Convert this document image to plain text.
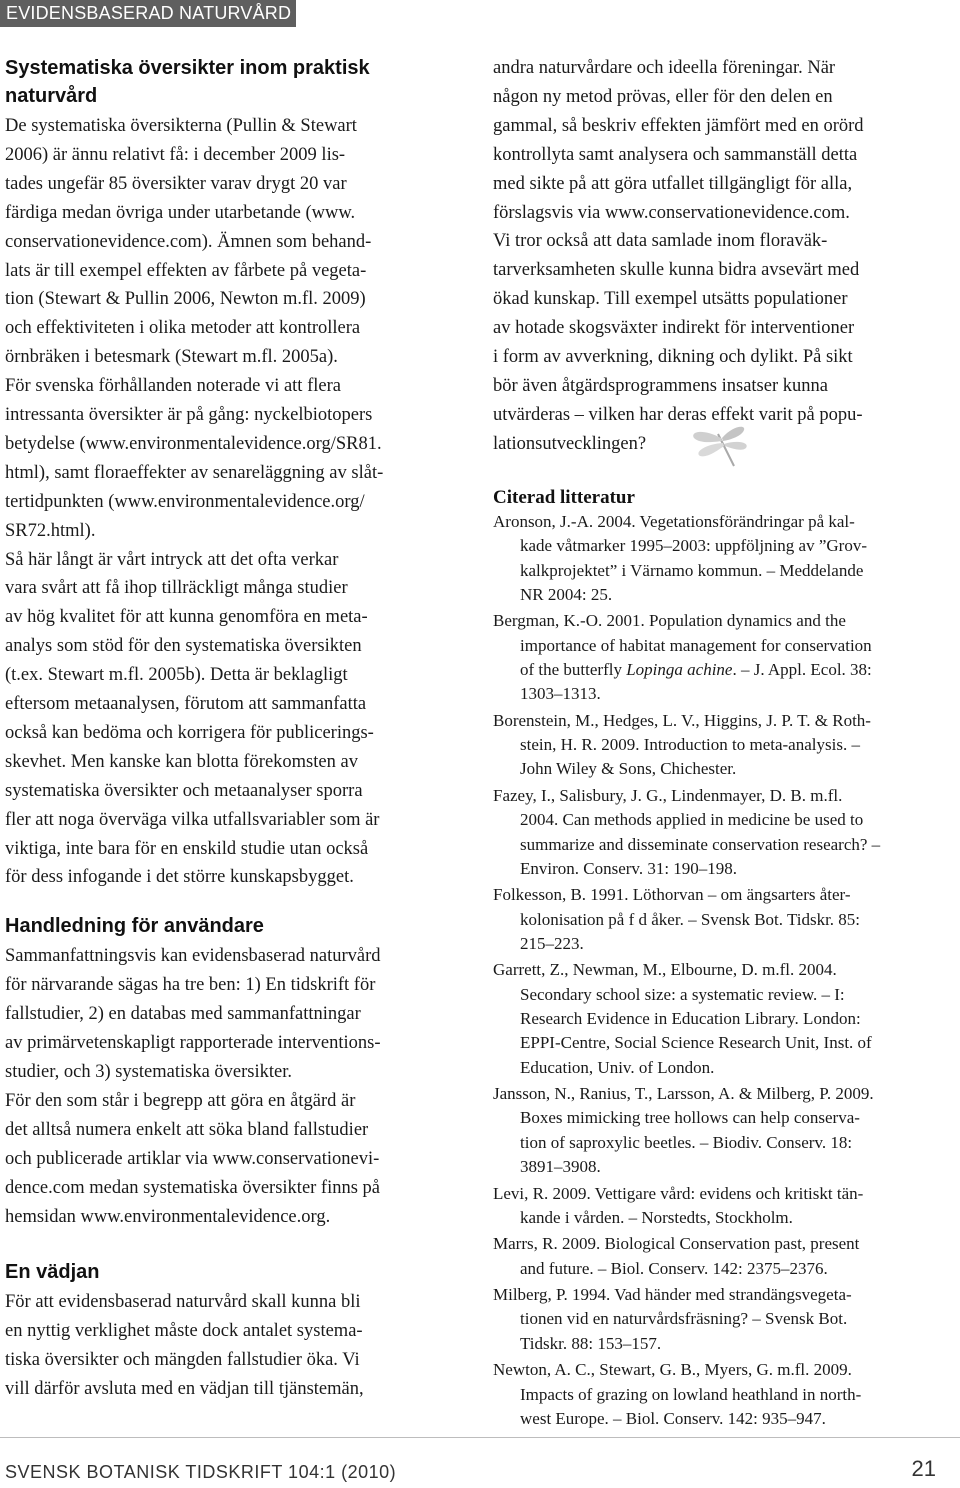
EVIDENSBASERAD NATURVÅRD
Systematiska översikter inom praktisk
naturvård
De systematiska översikterna (Pullin & Stewart
2006) är ännu relativt få: i december 2009 lis-
tades ungefär 85 översikter varav drygt 20 var
färdiga medan övriga under utarbetande (www.
conservationevidence.com). Ämnen som behand-
lats är till exempel effekten av fårbete på vegeta-
tion (Stewart & Pullin 2006, Newton m.fl. 2009)
och effektiviteten i olika metoder att kontrollera
örnbräken i betesmark (Stewart m.fl. 2005a).
För svenska förhållanden noterade vi att flera
intressanta översikter är på gång: nyckelbiotopers
betydelse (www.environmentalevidence.org/SR81.
html), samt floraeffekter av senareläggning av slåt-
tertidpunkten (www.environmentalevidence.org/
SR72.html).
Så här långt är vårt intryck att det ofta verkar
vara svårt att få ihop tillräckligt många studier
av hög kvalitet för att kunna genomföra en meta-
analys som stöd för den systematiska översikten
(t.ex. Stewart m.fl. 2005b). Detta är beklagligt
eftersom metaanalysen, förutom att sammanfatta
också kan bedöma och korrigera för publicerings-
skevhet. Men kanske kan blotta förekomsten av
systematiska översikter och metaanalyser sporra
fler att noga överväga vilka utfallsvariabler som är
viktiga, inte bara för en enskild studie utan också
för dess infogande i det större kunskapsbygget.
Handledning för användare
Sammanfattningsvis kan evidensbaserad naturvård
för närvarande sägas ha tre ben: 1) En tidskrift för
fallstudier, 2) en databas med sammanfattningar
av primärvetenskapligt rapporterade interventions-
studier, och 3) systematiska översikter.
För den som står i begrepp att göra en åtgärd är
det alltså numera enkelt att söka bland fallstudier
och publicerade artiklar via www.conservationevi-
dence.com medan systematiska översikter finns på
hemsidan www.environmentalevidence.org.
En vädjan
För att evidensbaserad naturvård skall kunna bli
en nyttig verklighet måste dock antalet systema-
tiska översikter och mängden fallstudier öka. Vi
vill därför avsluta med en vädjan till tjänstemän,
andra naturvårdare och ideella föreningar. När
någon ny metod prövas, eller för den delen en
gammal, så beskriv effekten jämfört med en orörd
kontrollyta samt analysera och sammanställ detta
med sikte på att göra utfallet tillgängligt för alla,
förslagsvis via www.conservationevidence.com.
Vi tror också att data samlade inom floraväk-
tarverksamheten skulle kunna bidra avsevärt med
ökad kunskap. Till exempel utsätts populationer
av hotade skogsväxter indirekt för interventioner
i form av avverkning, dikning och dylikt. På sikt
bör även åtgärdsprogrammens insatser kunna
utvärderas – vilken har deras effekt varit på popu-
lationsutvecklingen?
Citerad litteratur
Aronson, J.-A. 2004. Vegetationsförändringar på kal-
kade våtmarker 1995–2003: uppföljning av ”Grov-
kalkprojektet” i Värnamo kommun. – Meddelande
NR 2004: 25.
Bergman, K.-O. 2001. Population dynamics and the
importance of habitat management for conservation
of the butterfly Lopinga achine. – J. Appl. Ecol. 38:
1303–1313.
Borenstein, M., Hedges, L. V., Higgins, J. P. T. & Roth-
stein, H. R. 2009. Introduction to meta-analysis. –
John Wiley & Sons, Chichester.
Fazey, I., Salisbury, J. G., Lindenmayer, D. B. m.fl.
2004. Can methods applied in medicine be used to
summarize and disseminate conservation research? –
Environ. Conserv. 31: 190–198.
Folkesson, B. 1991. Löthorvan – om ängsarters åter-
kolonisation på f d åker. – Svensk Bot. Tidskr. 85:
215–223.
Garrett, Z., Newman, M., Elbourne, D. m.fl. 2004.
Secondary school size: a systematic review. – I:
Research Evidence in Education Library. London:
EPPI-Centre, Social Science Research Unit, Inst. of
Education, Univ. of London.
Jansson, N., Ranius, T., Larsson, A. & Milberg, P. 2009.
Boxes mimicking tree hollows can help conserva-
tion of saproxylic beetles. – Biodiv. Conserv. 18:
3891–3908.
Levi, R. 2009. Vettigare vård: evidens och kritiskt tän-
kande i vården. – Norstedts, Stockholm.
Marrs, R. 2009. Biological Conservation past, present
and future. – Biol. Conserv. 142: 2375–2376.
Milberg, P. 1994. Vad händer med strandängsvegeta-
tionen vid en naturvårdsfräsning? – Svensk Bot.
Tidskr. 88: 153–157.
Newton, A. C., Stewart, G. B., Myers, G. m.fl. 2009.
Impacts of grazing on lowland heathland in north-
west Europe. – Biol. Conserv. 142: 935–947.
SVENSK BOTANISK TIDSKRIFT 104:1 (2010)	21
